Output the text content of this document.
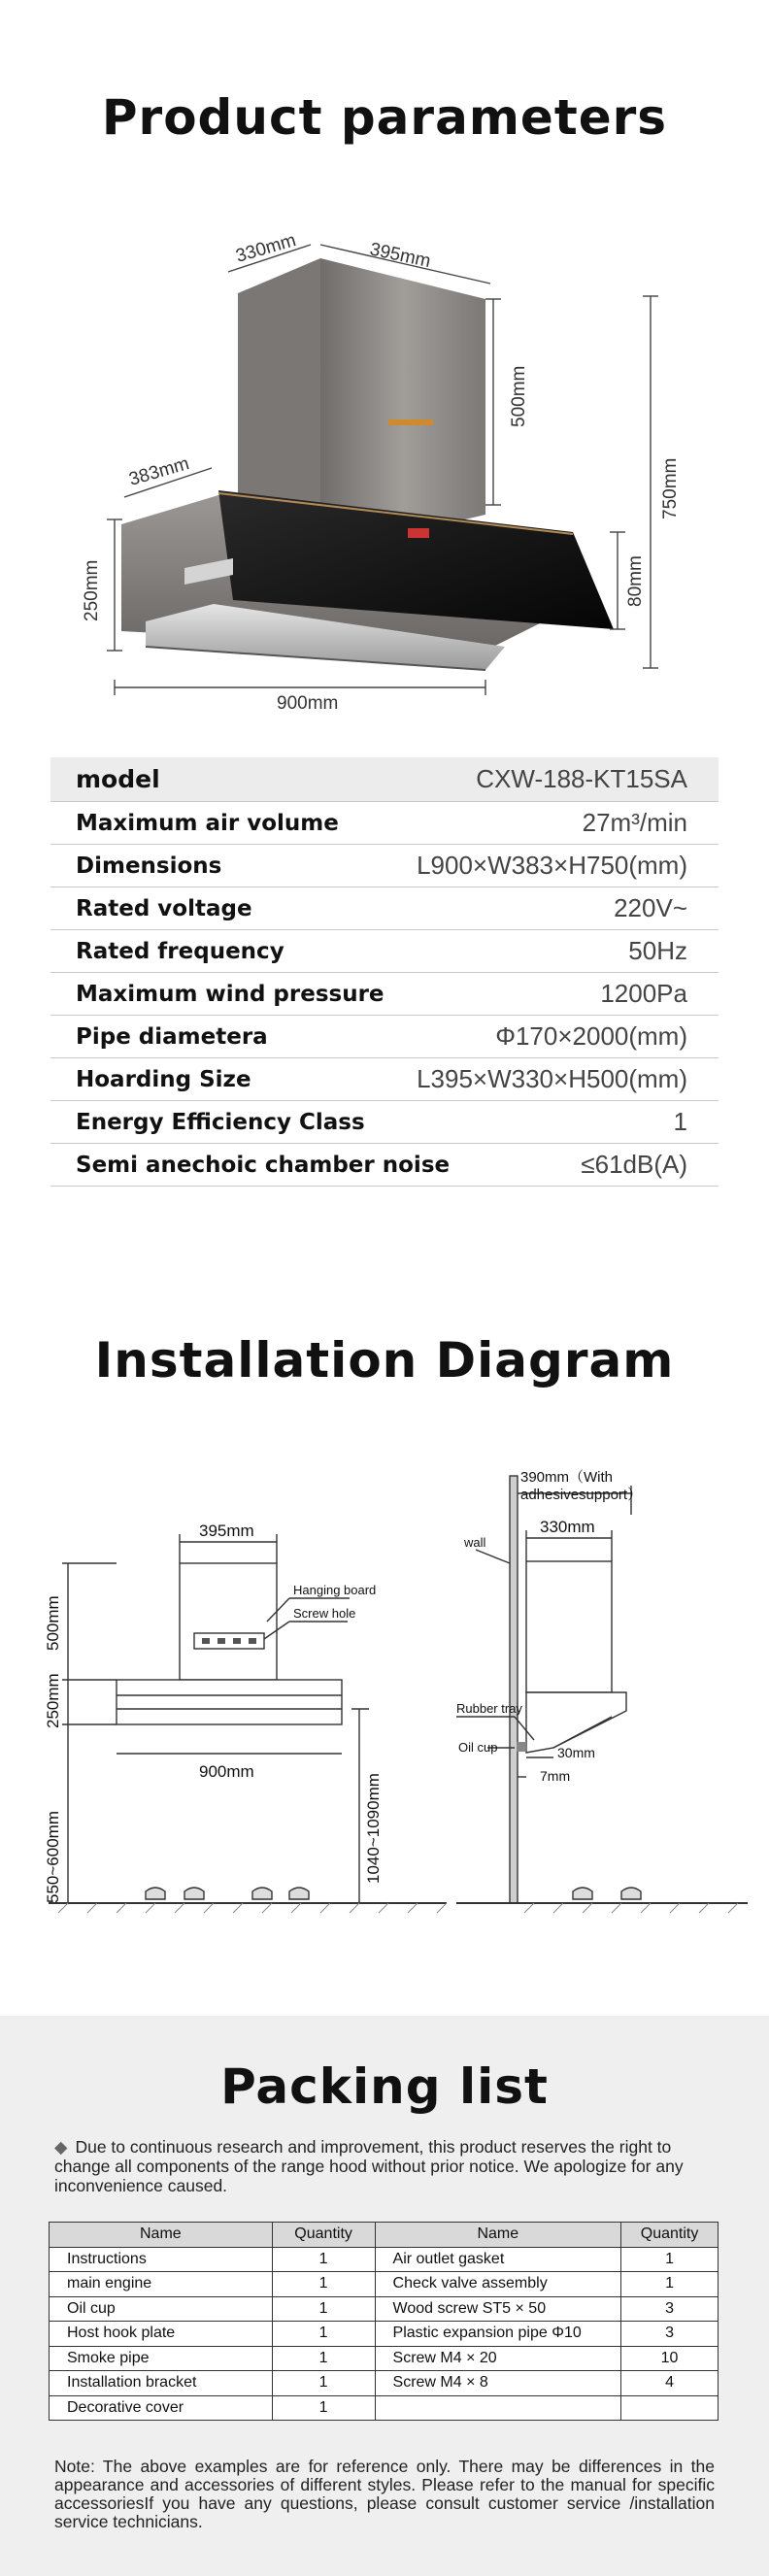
Product parameters
330mm	395mm
500mm
750mm
80mm
383mm
250mm
900mm
model	CXW-188-KT15SA
Maximum air volume	27m³/min
Dimensions	L900×W383×H750(mm)
Rated voltage	220V~
Rated frequency	50Hz
Maximum wind pressure	1200Pa
Pipe diametera	Φ170×2000(mm)
Hoarding Size	L395×W330×H500(mm)
Energy Efficiency Class	1
Semi anechoic chamber noise	≤61dB(A)
Installation Diagram
395mm
Hanging board
Screw hole
500mm
250mm
900mm
1040~1090mm
550~600mm
390mm（With
adhesivesupport）
330mm
wall
Rubber tray
Oil cup	30mm
7mm
Packing list
◆ Due to continuous research and improvement, this product reserves the right to change all components of the range hood without prior notice. We apologize for any inconvenience caused.
Name	Quantity	Name	Quantity
Instructions	1	Air outlet gasket	1
main engine	1	Check valve assembly	1
Oil cup	1	Wood screw ST5 × 50	3
Host hook plate	1	Plastic expansion pipe Φ10	3
Smoke pipe	1	Screw M4 × 20	10
Installation bracket	1	Screw M4 × 8	4
Decorative cover	1		
Note: The above examples are for reference only. There may be differences in the appearance and accessories of different styles. Please refer to the manual for specific accessoriesIf you have any questions, please consult customer service /installation service technicians.
